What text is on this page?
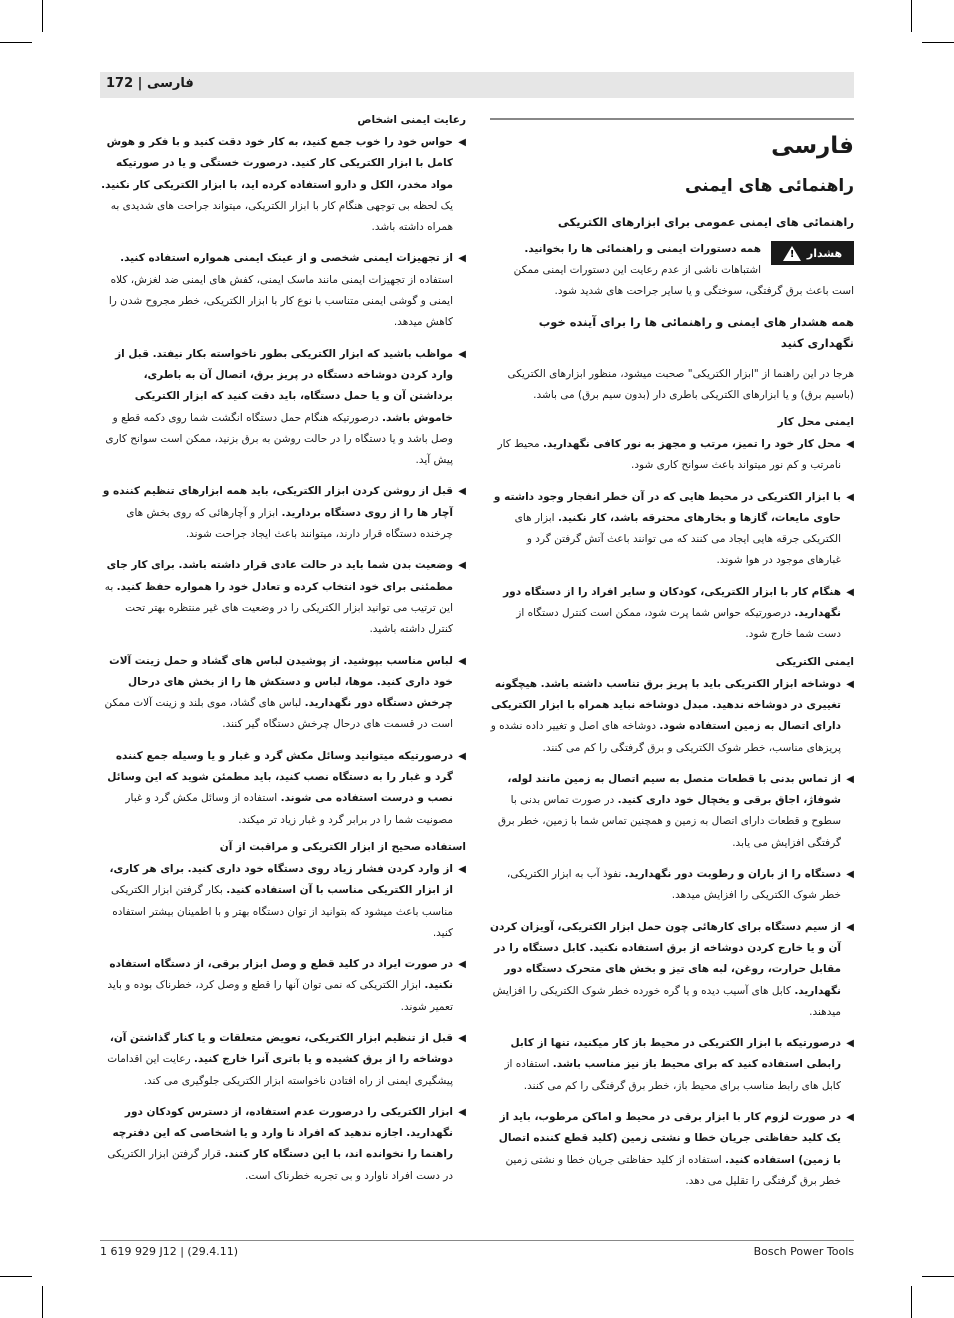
172 | فارسی
فارسی
راهنمائی های ایمنی
راهنمائی های ایمنی عمومی برای ابزارهای الکتریکی
هشدار
!
همه دستورات ایمنی و راهنمائی ها را بخوانید. اشتباهات ناشی از عدم رعایت این دستورات ایمنی ممکن است باعث برق گرفتگی، سوختگی و یا سایر جراحت های شدید شود.
همه هشدار های ایمنی و راهنمائی ها را برای آینده خوب نگهداری کنید
هرجا در این راهنما از "ابزار الکتریکی" صحبت میشود، منظور ابزارهای الکتریکی (باسیم برق) و یا ابزارهای الکتریکی باطری دار (بدون سیم برق) می باشد.
ایمنی محل کار
◀
محل کار خود را تمیز، مرتب و مجهز به نور کافی نگهدارید. محیط کار نامرتب و کم نور میتواند باعث سوانح کاری شود.
◀
با ابزار الکتریکی در محیط هایی که در آن خطر انفجار وجود داشته و حاوی مایعات، گازها و بخارهای محترقه باشد، کار نکنید. ابزار های الکتریکی جرقه هایی ایجاد می کنند که می توانند باعث آتش گرفتن گرد و غبارهای موجود در هوا شوند.
◀
هنگام کار با ابزار الکتریکی، کودکان و سایر افراد را از دستگاه دور نگهدارید. درصورتیکه حواس شما پرت شود، ممکن است کنترل دستگاه از دست شما خارج شود.
ایمنی الکتریکی
◀
دوشاخه ابزار الکتریکی باید با پریز برق تناسب داشته باشد. هیچگونه تغییری در دوشاخه ندهید. مبدل دوشاخه نباید همراه با ابزار الکتریکی دارای اتصال به زمین استفاده شود. دوشاخه های اصل و تغییر داده نشده و پریزهای مناسب، خطر شوک الکتریکی و برق گرفتگی را کم می کنند.
◀
از تماس بدنی با قطعات متصل به سیم اتصال به زمین مانند لوله، شوفاژ، اجاق برقی و یخچال خود داری کنید. در صورت تماس بدنی با سطوح و قطعات دارای اتصال به زمین و همچنین تماس شما با زمین، خطر برق گرفتگی افزایش می یابد.
◀
دستگاه را از باران و رطوبت دور نگهدارید. نفوذ آب به ابزار الکتریکی، خطر شوک الکتریکی را افزایش میدهد.
◀
از سیم دستگاه برای کارهائی چون حمل ابزار الکتریکی، آویزان کردن آن و یا خارج کردن دوشاخه از برق استفاده نکنید. کابل دستگاه را در مقابل حرارت، روغن، لبه های تیز و بخش های متحرک دستگاه دور نگهدارید. کابل های آسیب دیده و یا گره خورده خطر شوک الکتریکی را افزایش میدهند.
◀
درصورتیکه با ابزار الکتریکی در محیط باز کار میکنید، تنها از کابل رابطی استفاده کنید که برای محیط باز نیز مناسب باشد. استفاده از کابل های رابط مناسب برای محیط باز، خطر برق گرفتگی را کم می کنند.
◀
در صورت لزوم کار با ابزار برقی در محیط و اماکن مرطوب، باید از یک کلید حفاظتی جریان خطا و نشتی زمین (کلید قطع کننده اتصال با زمین) استفاده کنید. استفاده از کلید حفاظتی جریان خطا و نشتی زمین خطر برق گرفتگی را تقلیل می دهد.
رعایت ایمنی اشخاص
◀
حواس خود را خوب جمع کنید، به کار خود دقت کنید و با فکر و هوش کامل با ابزار الکتریکی کار کنید. درصورت خستگی و یا در صورتیکه مواد مخدر، الکل و دارو استفاده کرده اید، با ابزار الکتریکی کار نکنید. یک لحظه بی توجهی هنگام کار با ابزار الکتریکی، میتواند جراحت های شدیدی به همراه داشته باشد.
◀
از تجهیزات ایمنی شخصی و از عینک ایمنی همواره استفاده کنید. استفاده از تجهیزات ایمنی مانند ماسک ایمنی، کفش های ایمنی ضد لغزش، کلاه ایمنی و گوشی ایمنی متناسب با نوع کار با ابزار الکتریکی، خطر مجروح شدن را کاهش میدهد.
◀
مواظب باشید که ابزار الکتریکی بطور ناخواسته بکار نیفتد. قبل از وارد کردن دوشاخه دستگاه در پریز برق، اتصال آن به باطری، برداشتن آن و یا حمل دستگاه، باید دقت کنید که ابزار الکتریکی خاموش باشد. درصورتیکه هنگام حمل دستگاه انگشت شما روی دکمه قطع و وصل باشد و یا دستگاه را در حالت روشن به برق بزنید، ممکن است سوانح کاری پیش آید.
◀
قبل از روشن کردن ابزار الکتریکی، باید همه ابزارهای تنظیم کننده و آچار ها را از روی دستگاه بردارید. ابزار و آچارهائی که روی بخش های چرخنده دستگاه قرار دارند، میتوانند باعث ایجاد جراحت شوند.
◀
وضعیت بدن شما باید در حالت عادی قرار داشته باشد. برای کار جای مطمئنی برای خود انتخاب کرده و تعادل خود را همواره حفظ کنید. به این ترتیب می توانید ابزار الکتریکی را در وضعیت های غیر منتظره بهتر تحت کنترل داشته باشید.
◀
لباس مناسب بپوشید. از پوشیدن لباس های گشاد و حمل زینت آلات خود داری کنید. موها، لباس و دستکش ها را از بخش های درحال چرخش دستگاه دور نگهدارید. لباس های گشاد، موی بلند و زینت آلات ممکن است در قسمت های درحال چرخش دستگاه گیر کنند.
◀
درصورتیکه میتوانید وسائل مکش گرد و غبار و یا وسیله جمع کننده گرد و غبار را به دستگاه نصب کنید، باید مطمئن شوید که این وسائل نصب و درست استفاده می شوند. استفاده از وسائل مکش گرد و غبار مصونیت شما را در برابر گرد و غبار زیاد تر میکند.
استفاده صحیح از ابزار الکتریکی و مراقبت از آن
◀
از وارد کردن فشار زیاد روی دستگاه خود داری کنید. برای هر کاری، از ابزار الکتریکی مناسب با آن استفاده کنید. بکار گرفتن ابزار الکتریکی مناسب باعث میشود که بتوانید از توان دستگاه بهتر و با اطمینان بیشتر استفاده کنید.
◀
در صورت ایراد در کلید قطع و وصل ابزار برقی، از دستگاه استفاده نکنید. ابزار الکتریکی که نمی توان آنها را قطع و وصل کرد، خطرناک بوده و باید تعمیر شوند.
◀
قبل از تنظیم ابزار الکتریکی، تعویض متعلقات و یا کنار گذاشتن آن، دوشاخه را از برق کشیده و یا باتری آنرا خارج کنید. رعایت این اقدامات پیشگیری ایمنی از راه افتادن ناخواسته ابزار الکتریکی جلوگیری می کند.
◀
ابزار الکتریکی را درصورت عدم استفاده، از دسترس کودکان دور نگهدارید. اجازه ندهید که افراد نا وارد و یا اشخاصی که این دفترچه راهنما را نخوانده اند، با این دستگاه کار کنند. قرار گرفتن ابزار الکتریکی در دست افراد ناوارد و بی تجربه خطرناک است.
1 619 929 J12 | (29.4.11)	Bosch Power Tools
